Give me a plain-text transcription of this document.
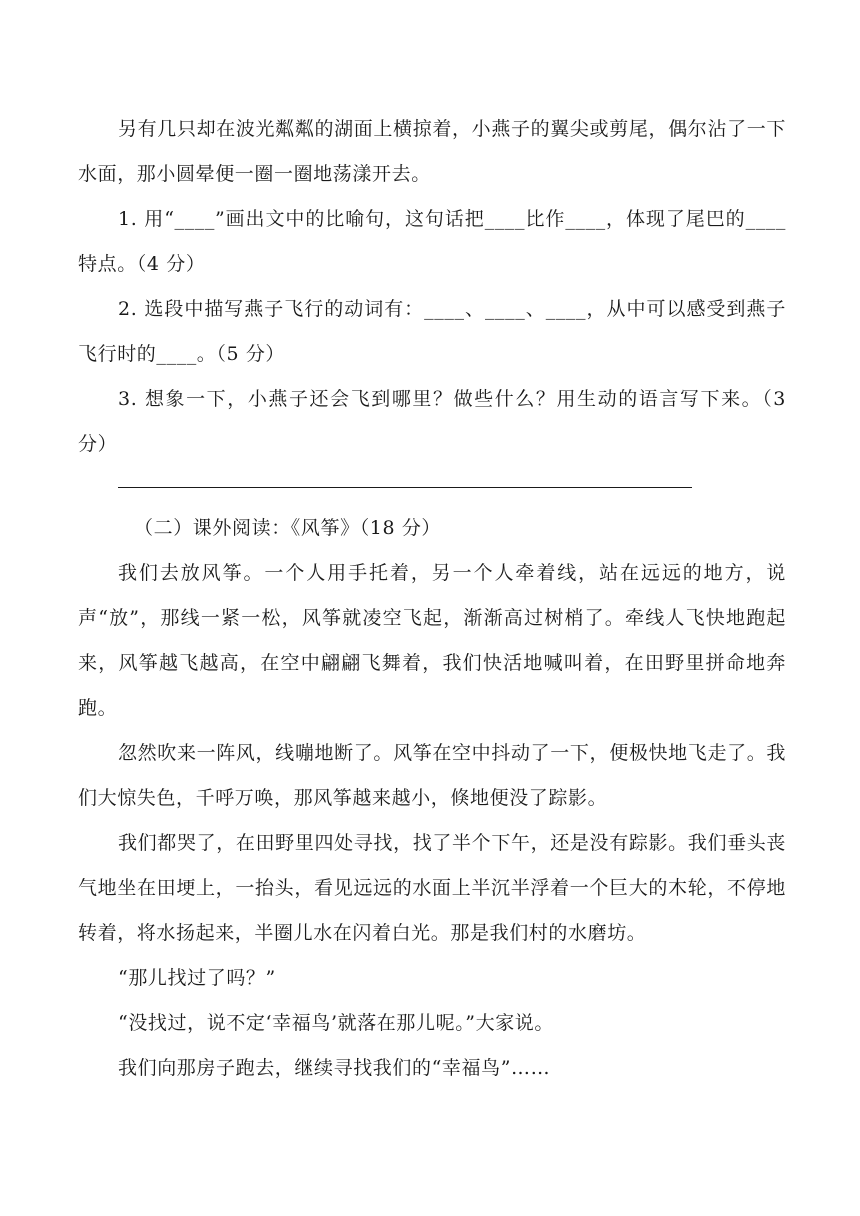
另有几只却在波光粼粼的湖面上横掠着，小燕子的翼尖或剪尾，偶尔沾了一下水面，那小圆晕便一圈一圈地荡漾开去。

1. 用“____”画出文中的比喻句，这句话把____比作____，体现了尾巴的____特点。（4 分）

2. 选段中描写燕子飞行的动词有：____、____、____，从中可以感受到燕子飞行时的____。（5 分）

3. 想象一下，小燕子还会飞到哪里？做些什么？用生动的语言写下来。（3 分）

（二）课外阅读：《风筝》（18 分）

我们去放风筝。一个人用手托着，另一个人牵着线，站在远远的地方，说声“放”，那线一紧一松，风筝就凌空飞起，渐渐高过树梢了。牵线人飞快地跑起来，风筝越飞越高，在空中翩翩飞舞着，我们快活地喊叫着，在田野里拼命地奔跑。

忽然吹来一阵风，线嘣地断了。风筝在空中抖动了一下，便极快地飞走了。我们大惊失色，千呼万唤，那风筝越来越小，倏地便没了踪影。

我们都哭了，在田野里四处寻找，找了半个下午，还是没有踪影。我们垂头丧气地坐在田埂上，一抬头，看见远远的水面上半沉半浮着一个巨大的木轮，不停地转着，将水扬起来，半圈儿水在闪着白光。那是我们村的水磨坊。

“那儿找过了吗？”

“没找过，说不定‘幸福鸟’就落在那儿呢。”大家说。

我们向那房子跑去，继续寻找我们的“幸福鸟”……
